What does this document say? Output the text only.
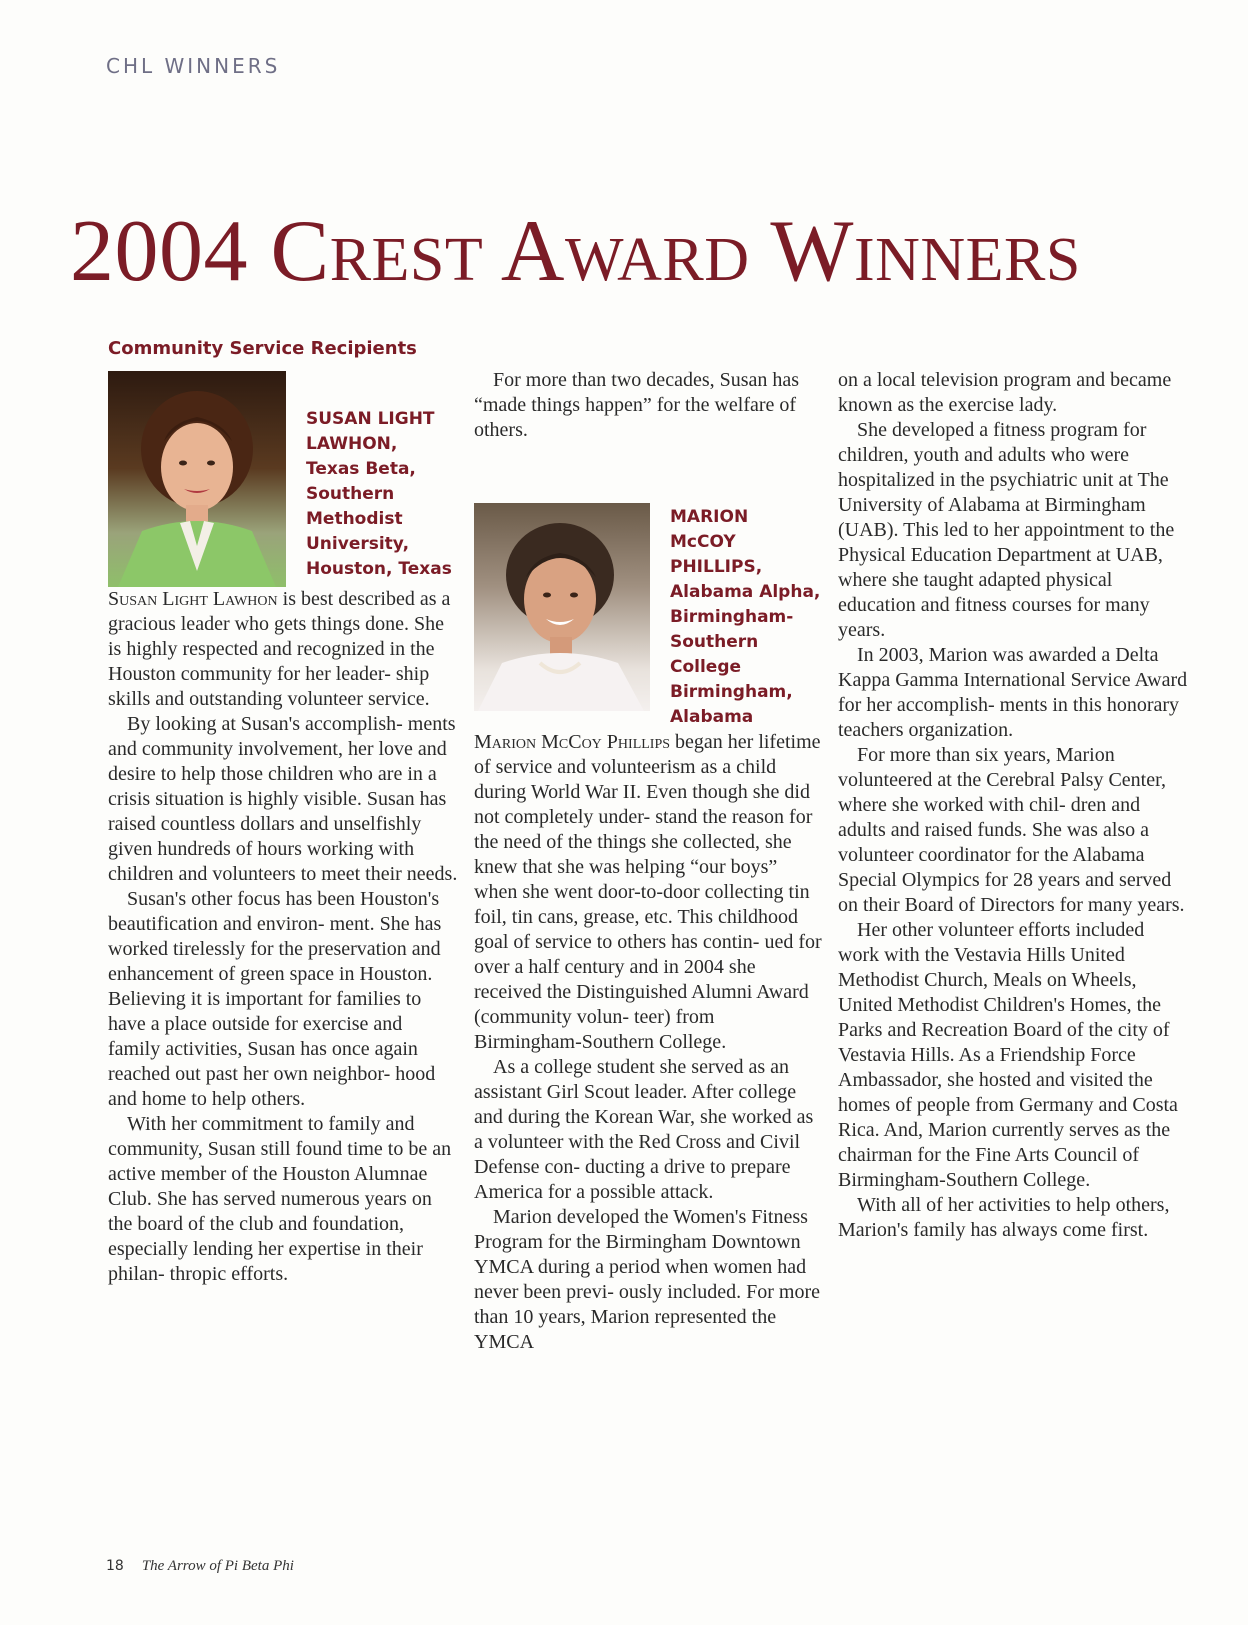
CHL WINNERS
2004 Crest Award Winners
Community Service Recipients
SUSAN LIGHT
LAWHON,
Texas Beta,
Southern
Methodist
University,
Houston, Texas

Susan Light Lawhon is best described as a gracious leader who gets things done. She is highly respected and recognized in the Houston community for her leader- ship skills and outstanding volunteer service.

By looking at Susan's accomplish- ments and community involvement, her love and desire to help those children who are in a crisis situation is highly visible. Susan has raised countless dollars and unselfishly given hundreds of hours working with children and volunteers to meet their needs.

Susan's other focus has been Houston's beautification and environ- ment. She has worked tirelessly for the preservation and enhancement of green space in Houston. Believing it is important for families to have a place outside for exercise and family activities, Susan has once again reached out past her own neighbor- hood and home to help others.

With her commitment to family and community, Susan still found time to be an active member of the Houston Alumnae Club. She has served numerous years on the board of the club and foundation, especially lending her expertise in their philan- thropic efforts.

For more than two decades, Susan has “made things happen” for the welfare of others.

MARION
McCOY
PHILLIPS,
Alabama Alpha,
Birmingham-
Southern
College
Birmingham,
Alabama

Marion McCoy Phillips began her lifetime of service and volunteerism as a child during World War II. Even though she did not completely under- stand the reason for the need of the things she collected, she knew that she was helping “our boys” when she went door-to-door collecting tin foil, tin cans, grease, etc. This childhood goal of service to others has contin- ued for over a half century and in 2004 she received the Distinguished Alumni Award (community volun- teer) from Birmingham-Southern College.

As a college student she served as an assistant Girl Scout leader. After college and during the Korean War, she worked as a volunteer with the Red Cross and Civil Defense con- ducting a drive to prepare America for a possible attack.

Marion developed the Women's Fitness Program for the Birmingham Downtown YMCA during a period when women had never been previ- ously included. For more than 10 years, Marion represented the YMCA

on a local television program and became known as the exercise lady.

She developed a fitness program for children, youth and adults who were hospitalized in the psychiatric unit at The University of Alabama at Birmingham (UAB). This led to her appointment to the Physical Education Department at UAB, where she taught adapted physical education and fitness courses for many years.

In 2003, Marion was awarded a Delta Kappa Gamma International Service Award for her accomplish- ments in this honorary teachers organization.

For more than six years, Marion volunteered at the Cerebral Palsy Center, where she worked with chil- dren and adults and raised funds. She was also a volunteer coordinator for the Alabama Special Olympics for 28 years and served on their Board of Directors for many years.

Her other volunteer efforts included work with the Vestavia Hills United Methodist Church, Meals on Wheels, United Methodist Children's Homes, the Parks and Recreation Board of the city of Vestavia Hills. As a Friendship Force Ambassador, she hosted and visited the homes of people from Germany and Costa Rica. And, Marion currently serves as the chairman for the Fine Arts Council of Birmingham-Southern College.

With all of her activities to help others, Marion's family has always come first.

18 The Arrow of Pi Beta Phi
